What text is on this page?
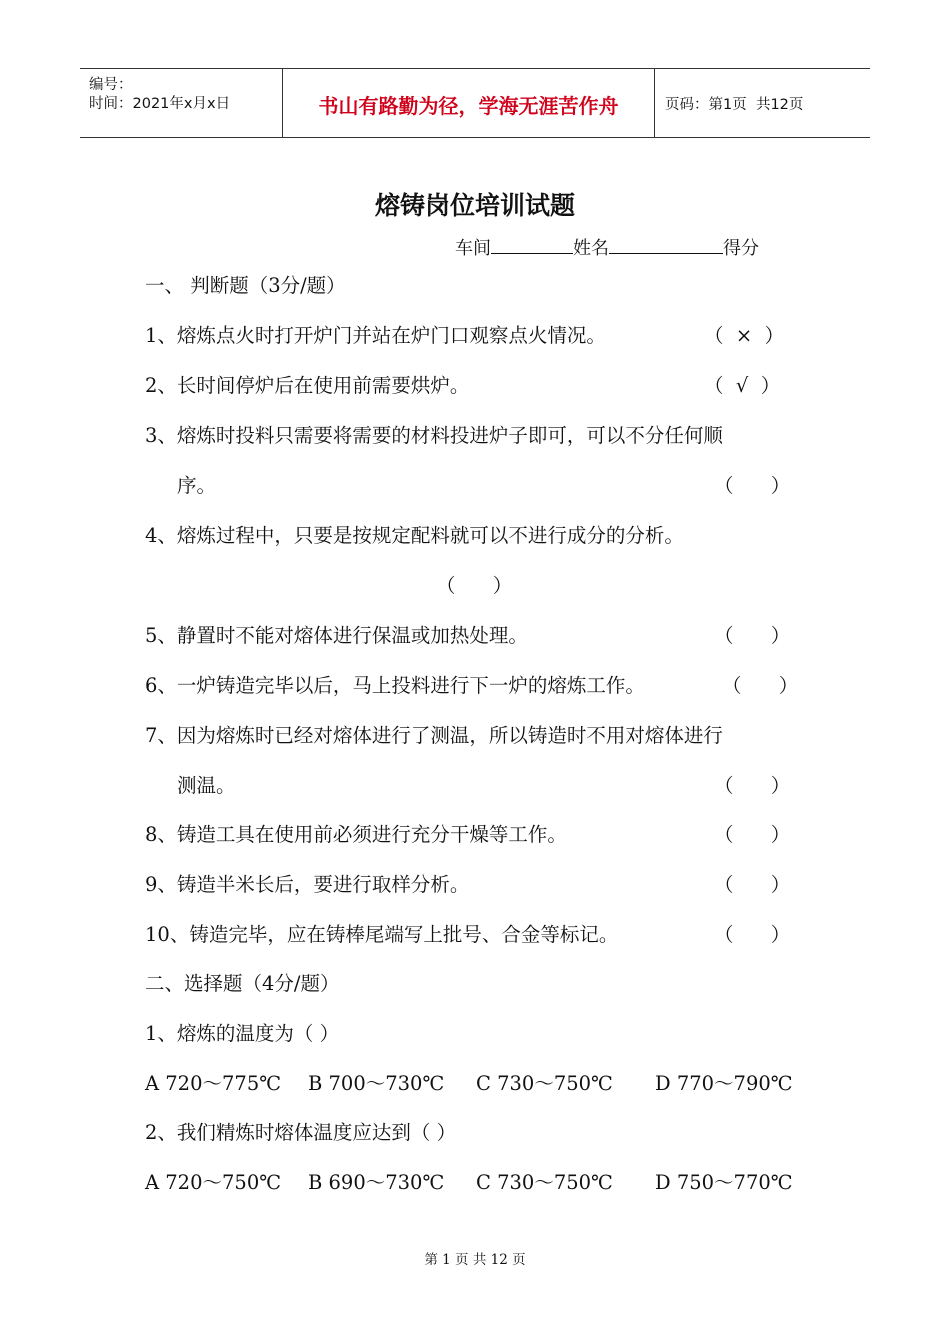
编号：
时间：2021年x月x日	书山有路勤为径，学海无涯苦作舟	页码：第1页  共12页
熔铸岗位培训试题
车间	姓名	得分
一、 判断题（3分/题）
1、熔炼点火时打开炉门并站在炉门口观察点火情况。	（  ×  ）
2、长时间停炉后在使用前需要烘炉。	（  √  ）
3、熔炼时投料只需要将需要的材料投进炉子即可，可以不分任何顺
序。	（      ）
4、熔炼过程中，只要是按规定配料就可以不进行成分的分析。
（      ）
5、静置时不能对熔体进行保温或加热处理。	（      ）
6、一炉铸造完毕以后，马上投料进行下一炉的熔炼工作。	（      ）
7、因为熔炼时已经对熔体进行了测温，所以铸造时不用对熔体进行
测温。	（      ）
8、铸造工具在使用前必须进行充分干燥等工作。	（      ）
9、铸造半米长后，要进行取样分析。	（      ）
10、铸造完毕，应在铸棒尾端写上批号、合金等标记。	（      ）
二、选择题（4分/题）
1、熔炼的温度为（ ）
A 720～775℃ B 700～730℃ C 730～750℃ D 770～790℃
2、我们精炼时熔体温度应达到（ ）
A 720～750℃ B 690～730℃ C 730～750℃ D 750～770℃
第 1 页 共 12 页
